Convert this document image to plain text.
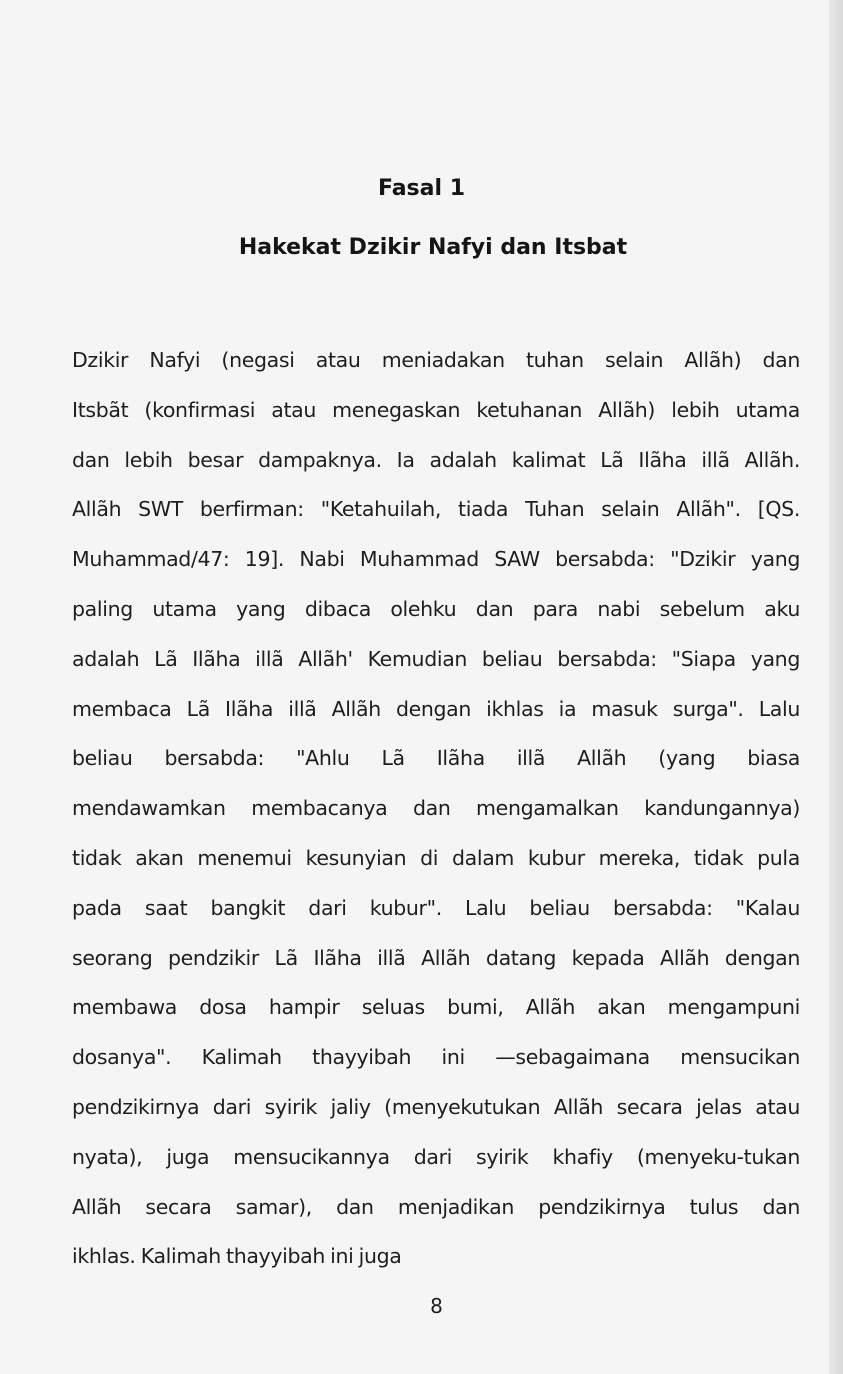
Fasal 1
Hakekat Dzikir Nafyi dan Itsbat
Dzikir Nafyi (negasi atau meniadakan tuhan selain Allãh) dan
Itsbãt (konfirmasi atau menegaskan ketuhanan Allãh) lebih utama
dan lebih besar dampaknya. Ia adalah kalimat Lã Ilãha illã Allãh.
Allãh SWT berfirman: "Ketahuilah, tiada Tuhan selain Allãh". [QS.
Muhammad/47: 19]. Nabi Muhammad SAW bersabda: "Dzikir yang
paling utama yang dibaca olehku dan para nabi sebelum aku
adalah Lã Ilãha illã Allãh' Kemudian beliau bersabda: "Siapa yang
membaca Lã Ilãha illã Allãh dengan ikhlas ia masuk surga". Lalu
beliau bersabda: "Ahlu Lã Ilãha illã Allãh (yang biasa
mendawamkan membacanya dan mengamalkan kandungannya)
tidak akan menemui kesunyian di dalam kubur mereka, tidak pula
pada saat bangkit dari kubur". Lalu beliau bersabda: "Kalau
seorang pendzikir Lã Ilãha illã Allãh datang kepada Allãh dengan
membawa dosa hampir seluas bumi, Allãh akan mengampuni
dosanya". Kalimah thayyibah ini —sebagaimana mensucikan
pendzikirnya dari syirik jaliy (menyekutukan Allãh secara jelas atau
nyata), juga mensucikannya dari syirik khafiy (menyeku-tukan
Allãh secara samar), dan menjadikan pendzikirnya tulus dan
ikhlas. Kalimah thayyibah ini juga
8
